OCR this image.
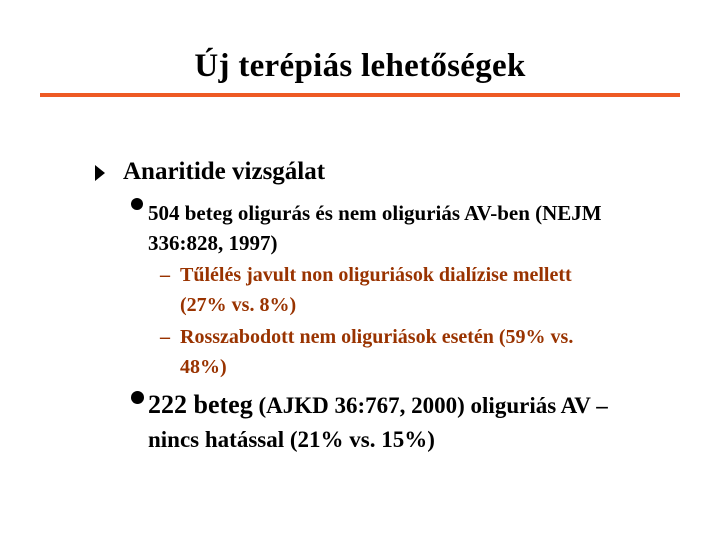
Új terépiás lehetőségek
Anaritide vizsgálat
504 beteg oligurás és nem oliguriás AV-ben (NEJM 336:828, 1997)
– Tűlélés javult non oliguriások dialízise mellett (27% vs. 8%)
– Rosszabodott nem oliguriások esetén (59% vs. 48%)
222 beteg (AJKD 36:767, 2000) oliguriás AV – nincs hatással (21% vs. 15%)
